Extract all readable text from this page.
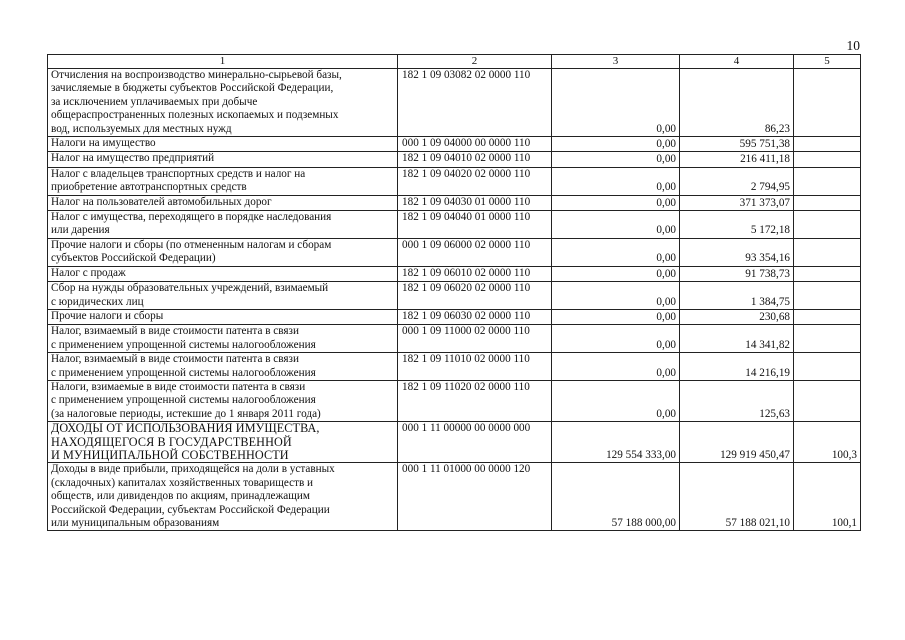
10
1	2	3	4	5

Отчисления на воспроизводство минерально-сырьевой базы,
зачисляемые в бюджеты субъектов Российской Федерации,
за исключением уплачиваемых при добыче
общераспространенных полезных ископаемых и подземных
вод, используемых для местных нужд	182 1 09 03082 02 0000 110	0,00	86,23	

Налоги на имущество	000 1 09 04000 00 0000 110	0,00	595 751,38	

Налог на имущество предприятий	182 1 09 04010 02 0000 110	0,00	216 411,18	

Налог с владельцев транспортных средств и налог на
приобретение автотранспортных средств	182 1 09 04020 02 0000 110	0,00	2 794,95	

Налог на пользователей автомобильных дорог	182 1 09 04030 01 0000 110	0,00	371 373,07	

Налог с имущества, переходящего в порядке наследования
или дарения	182 1 09 04040 01 0000 110	0,00	5 172,18	

Прочие налоги и сборы (по отмененным налогам и сборам
субъектов Российской Федерации)	000 1 09 06000 02 0000 110	0,00	93 354,16	

Налог с продаж	182 1 09 06010 02 0000 110	0,00	91 738,73	

Сбор на нужды образовательных учреждений, взимаемый
с юридических лиц	182 1 09 06020 02 0000 110	0,00	1 384,75	

Прочие налоги и сборы	182 1 09 06030 02 0000 110	0,00	230,68	

Налог, взимаемый в виде стоимости патента в связи
с применением упрощенной системы налогообложения	000 1 09 11000 02 0000 110	0,00	14 341,82	

Налог, взимаемый в виде стоимости патента в связи
с применением упрощенной системы налогообложения	182 1 09 11010 02 0000 110	0,00	14 216,19	

Налоги, взимаемые в виде стоимости патента в связи
с применением упрощенной системы налогообложения
(за налоговые периоды, истекшие до 1 января 2011 года)	182 1 09 11020 02 0000 110	0,00	125,63	

ДОХОДЫ ОТ ИСПОЛЬЗОВАНИЯ ИМУЩЕСТВА,
НАХОДЯЩЕГОСЯ В ГОСУДАРСТВЕННОЙ
И МУНИЦИПАЛЬНОЙ СОБСТВЕННОСТИ	000 1 11 00000 00 0000 000	129 554 333,00	129 919 450,47	100,3

Доходы в виде прибыли, приходящейся на доли в уставных
(складочных) капиталах хозяйственных товариществ и
обществ, или дивидендов по акциям, принадлежащим
Российской Федерации, субъектам Российской Федерации
или муниципальным образованиям	000 1 11 01000 00 0000 120	57 188 000,00	57 188 021,10	100,1
